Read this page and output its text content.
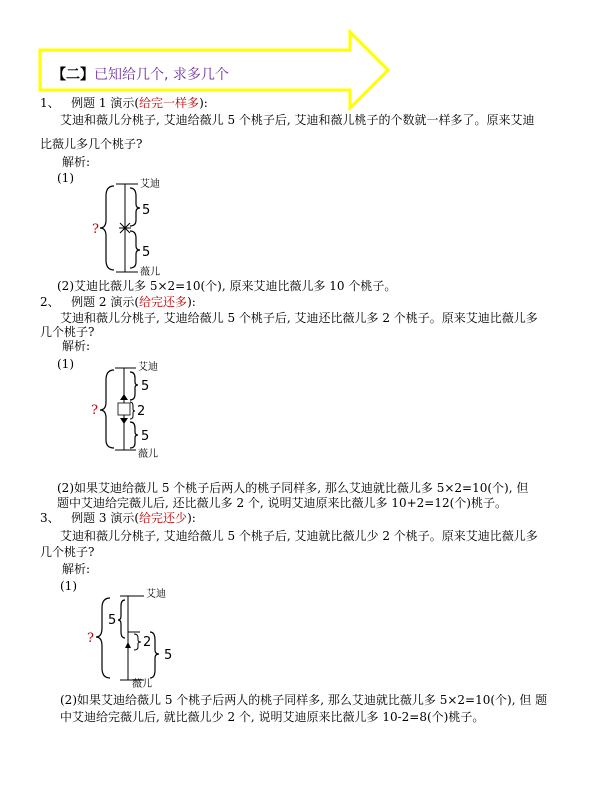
【二】已知给几个, 求多几个
1、 例题 1 演示(给完一样多):
艾迪和薇儿分桃子, 艾迪给薇儿 5 个桃子后, 艾迪和薇儿桃子的个数就一样多了。原来艾迪
比薇儿多几个桃子?
解析:
(1)	艾迪
薇儿
?
5
5
(2)艾迪比薇儿多 5×2=10(个), 原来艾迪比薇儿多 10 个桃子。
2、 例题 2 演示(给完还多):
艾迪和薇儿分桃子, 艾迪给薇儿 5 个桃子后, 艾迪还比薇儿多 2 个桃子。原来艾迪比薇儿多
几个桃子?
解析:
(1)	艾迪
薇儿
?
5
2
5
(2)如果艾迪给薇儿 5 个桃子后两人的桃子同样多, 那么艾迪就比薇儿多 5×2=10(个), 但
题中艾迪给完薇儿后, 还比薇儿多 2 个, 说明艾迪原来比薇儿多 10+2=12(个)桃子。
3、 例题 3 演示(给完还少):
艾迪和薇儿分桃子, 艾迪给薇儿 5 个桃子后, 艾迪就比薇儿少 2 个桃子。原来艾迪比薇儿多
几个桃子?
解析:
(1)
艾迪
薇儿
?
5
2
5
(2)如果艾迪给薇儿 5 个桃子后两人的桃子同样多, 那么艾迪就比薇儿多 5×2=10(个), 但 题
中艾迪给完薇儿后, 就比薇儿少 2 个, 说明艾迪原来比薇儿多 10-2=8(个)桃子。
